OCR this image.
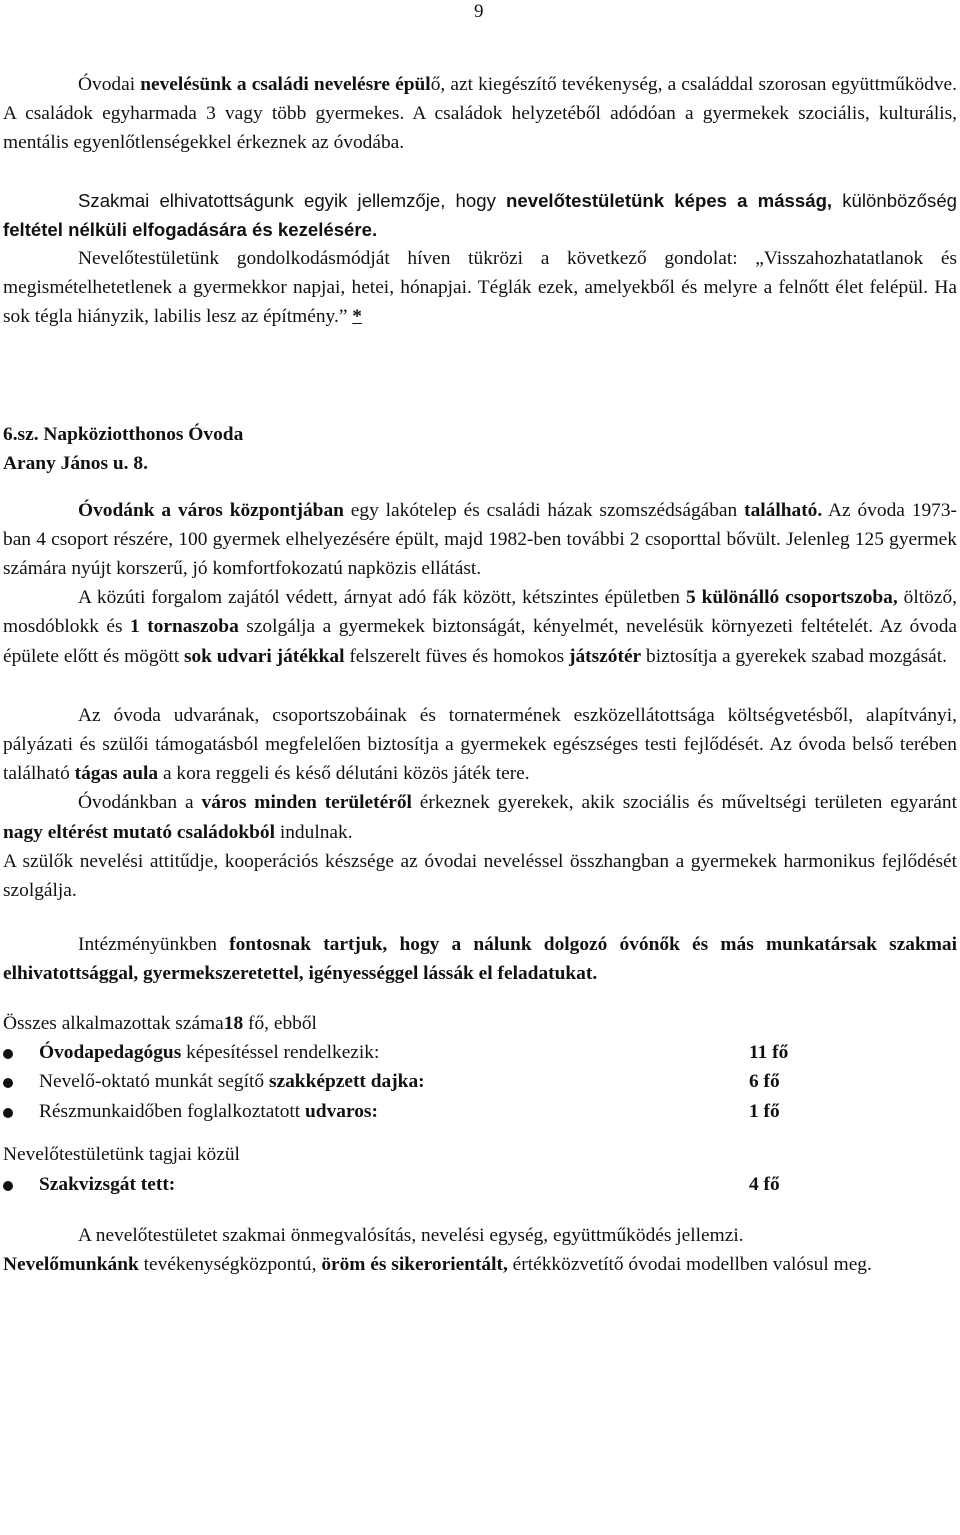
9

Óvodai nevelésünk a családi nevelésre épülő, azt kiegészítő tevékenység, a családdal szorosan együttműködve. A családok egyharmada 3 vagy több gyermekes. A családok helyzetéből adódóan a gyermekek szociális, kulturális, mentális egyenlőtlenségekkel érkeznek az óvodába.

Szakmai elhivatottságunk egyik jellemzője, hogy nevelőtestületünk képes a másság, különbözőség feltétel nélküli elfogadására és kezelésére.

Nevelőtestületünk gondolkodásmódját híven tükrözi a következő gondolat: „Visszahozhatatlanok és megismételhetetlenek a gyermekkor napjai, hetei, hónapjai. Téglák ezek, amelyekből és melyre a felnőtt élet felépül. Ha sok tégla hiányzik, labilis lesz az építmény.” *

6.sz. Napköziotthonos Óvoda
Arany János u. 8.

Óvodánk a város központjában egy lakótelep és családi házak szomszédságában található. Az óvoda 1973-ban 4 csoport részére, 100 gyermek elhelyezésére épült, majd 1982-ben további 2 csoporttal bővült. Jelenleg 125 gyermek számára nyújt korszerű, jó komfortfokozatú napközis ellátást.

A közúti forgalom zajától védett, árnyat adó fák között, kétszintes épületben 5 különálló csoportszoba, öltöző, mosdóblokk és 1 tornaszoba szolgálja a gyermekek biztonságát, kényelmét, nevelésük környezeti feltételét. Az óvoda épülete előtt és mögött sok udvari játékkal felszerelt füves és homokos játszótér biztosítja a gyerekek szabad mozgását.

Az óvoda udvarának, csoportszobáinak és tornatermének eszközellátottsága költségvetésből, alapítványi, pályázati és szülői támogatásból megfelelően biztosítja a gyermekek egészséges testi fejlődését. Az óvoda belső terében található tágas aula a kora reggeli és késő délutáni közös játék tere.

Óvodánkban a város minden területéről érkeznek gyerekek, akik szociális és műveltségi területen egyaránt nagy eltérést mutató családokból indulnak.

A szülők nevelési attitűdje, kooperációs készsége az óvodai neveléssel összhangban a gyermekek harmonikus fejlődését szolgálja.

Intézményünkben fontosnak tartjuk, hogy a nálunk dolgozó óvónők és más munkatársak szakmai elhivatottsággal, gyermekszeretettel, igényességgel lássák el feladatukat.

Összes alkalmazottak száma18 fő, ebből
Óvodapedagógus képesítéssel rendelkezik:	11 fő
Nevelő-oktató munkát segítő szakképzett dajka:	6 fő
Részmunkaidőben foglalkoztatott udvaros:	1 fő
Nevelőtestületünk tagjai közül
Szakvizsgát tett:	4 fő

A nevelőtestületet szakmai önmegvalósítás, nevelési egység, együttműködés jellemzi.

Nevelőmunkánk tevékenységközpontú, öröm és sikerorientált, értékközvetítő óvodai modellben valósul meg.
